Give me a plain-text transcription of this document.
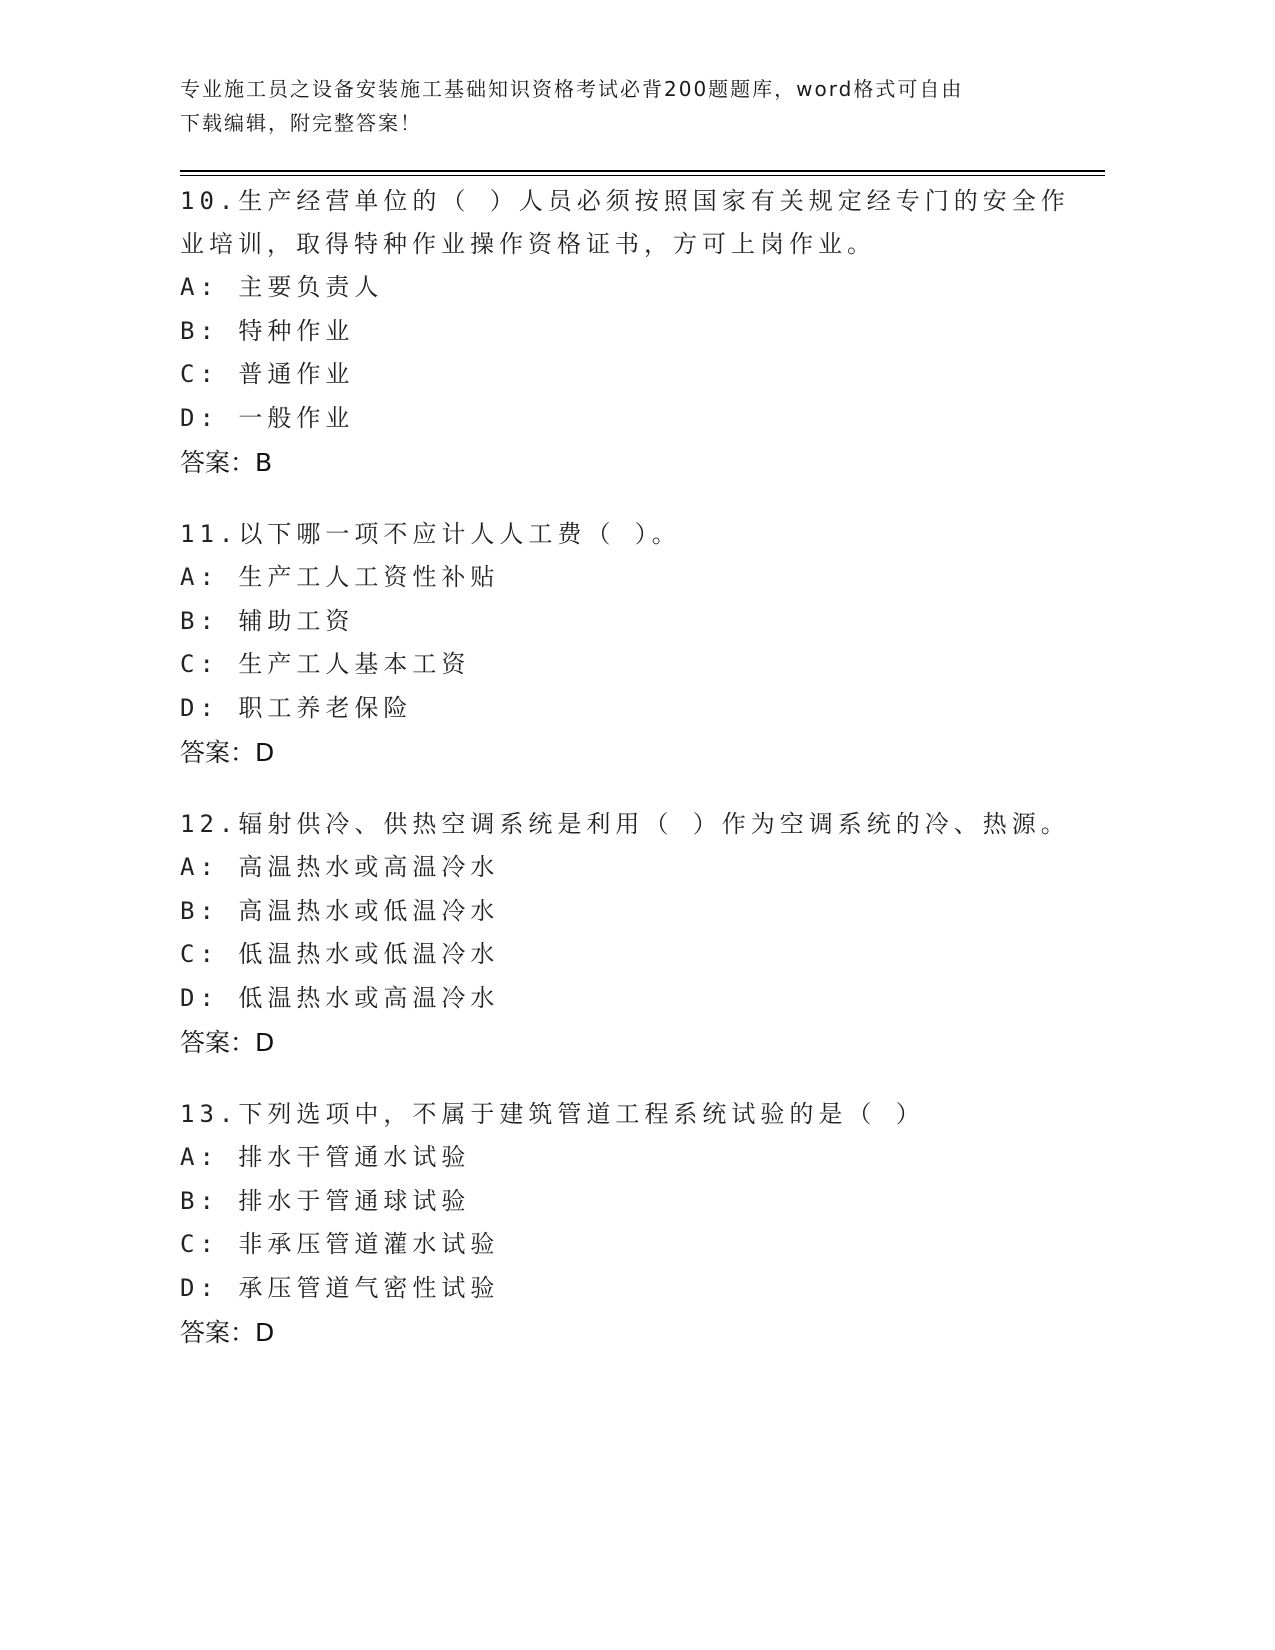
专业施工员之设备安装施工基础知识资格考试必背200题题库，word格式可自由
下载编辑，附完整答案！
10.生产经营单位的（ ）人员必须按照国家有关规定经专门的安全作业培训，取得特种作业操作资格证书，方可上岗作业。
A: 主要负责人
B: 特种作业
C: 普通作业
D: 一般作业
答案：B
11.以下哪一项不应计人人工费（ ）。
A: 生产工人工资性补贴
B: 辅助工资
C: 生产工人基本工资
D: 职工养老保险
答案：D
12.辐射供冷、供热空调系统是利用（ ）作为空调系统的冷、热源。
A: 高温热水或高温冷水
B: 高温热水或低温冷水
C: 低温热水或低温冷水
D: 低温热水或高温冷水
答案：D
13.下列选项中，不属于建筑管道工程系统试验的是（ ）
A: 排水干管通水试验
B: 排水于管通球试验
C: 非承压管道灌水试验
D: 承压管道气密性试验
答案：D
